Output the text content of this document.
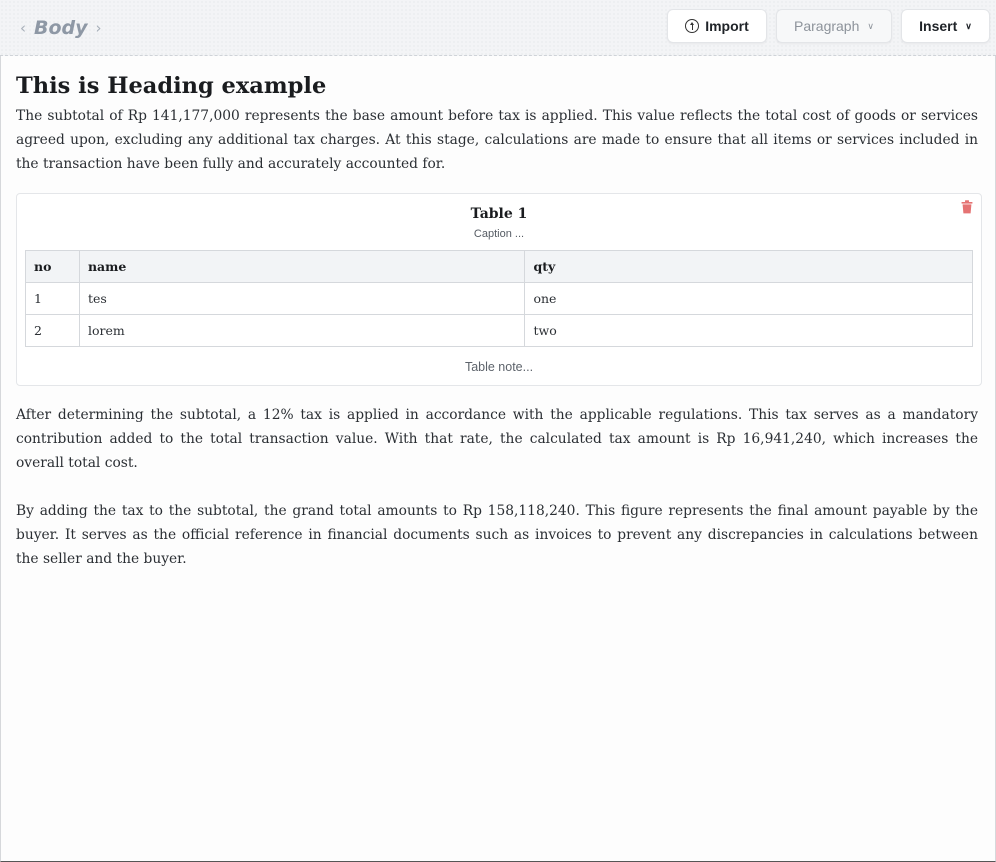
‹ Body ›	Import	Paragraph ∨	Insert ∨
This is Heading example

The subtotal of Rp 141,177,000 represents the base amount before tax is applied. This value reflects the total cost of goods or services agreed upon, excluding any additional tax charges. At this stage, calculations are made to ensure that all items or services included in the transaction have been fully and accurately accounted for.

Table 1
Caption ...
no	name	qty
1	tes	one
2	lorem	two
Table note...

After determining the subtotal, a 12% tax is applied in accordance with the applicable regulations. This tax serves as a mandatory contribution added to the total transaction value. With that rate, the calculated tax amount is Rp 16,941,240, which increases the overall total cost.

By adding the tax to the subtotal, the grand total amounts to Rp 158,118,240. This figure represents the final amount payable by the buyer. It serves as the official reference in financial documents such as invoices to prevent any discrepancies in calculations between the seller and the buyer.
